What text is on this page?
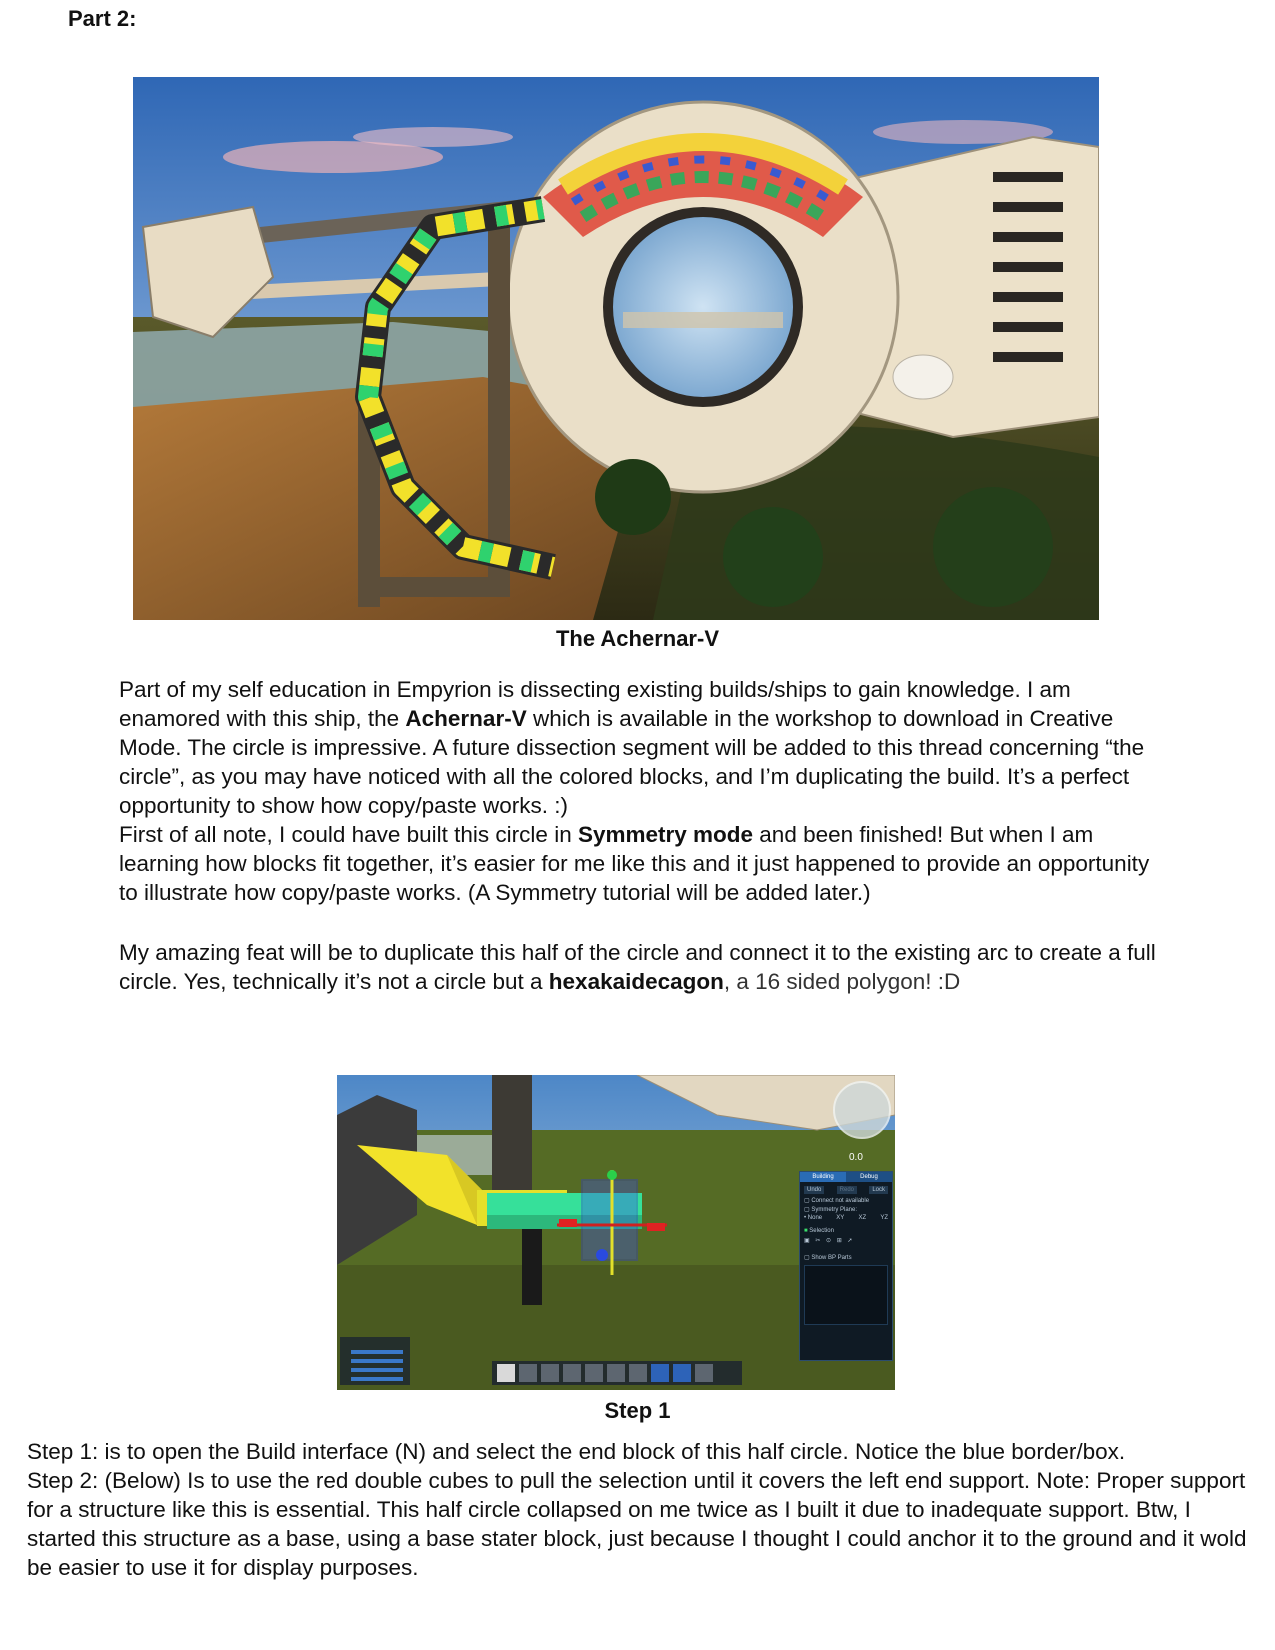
Part 2:

The Achernar-V

Part of my self education in Empyrion is dissecting existing builds/ships to gain knowledge. I am enamored with this ship, the Achernar-V which is available in the workshop to download in Creative Mode. The circle is impressive. A future dissection segment will be added to this thread concerning “the circle”, as you may have noticed with all the colored blocks, and I’m duplicating the build. It’s a perfect opportunity to show how copy/paste works. :)
First of all note, I could have built this circle in Symmetry mode and been finished! But when I am learning how blocks fit together, it’s easier for me like this and it just happened to provide an opportunity to illustrate how copy/paste works. (A Symmetry tutorial will be added later.)

My amazing feat will be to duplicate this half of the circle and connect it to the existing arc to create a full circle. Yes, technically it’s not a circle but a hexakaidecagon, a 16 sided polygon! :D

0.0
Building	Debug
Undo	Redo	Lock
▢ Connect not available
▢ Symmetry Plane:
• None XY XZ YZ
■ Selection
▣ ✂ ⊙ ⊞ ➚
▢ Show BP Parts

Step 1

Step 1: is to open the Build interface (N) and select the end block of this half circle. Notice the blue border/box.
Step 2: (Below) Is to use the red double cubes to pull the selection until it covers the left end support. Note: Proper support for a structure like this is essential. This half circle collapsed on me twice as I built it due to inadequate support. Btw, I started this structure as a base, using a base stater block, just because I thought I could anchor it to the ground and it wold be easier to use it for display purposes.
